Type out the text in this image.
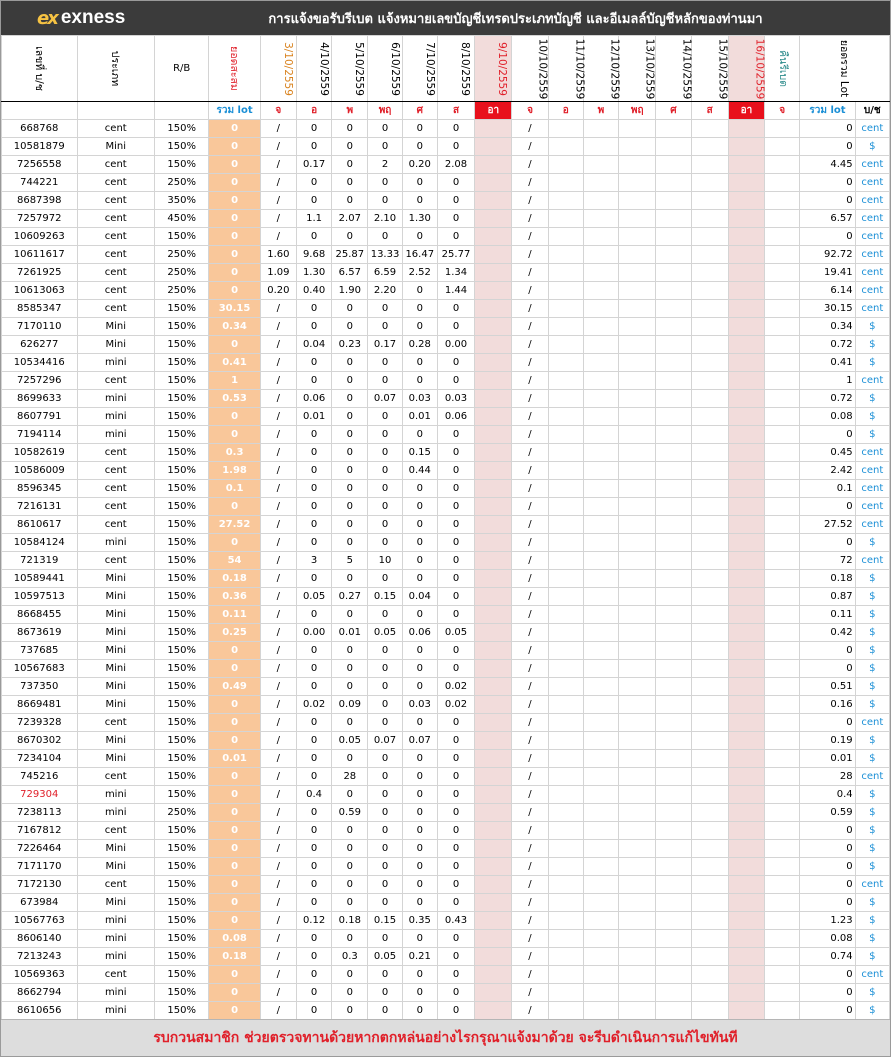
ex exness	การแจ้งขอรับรีเบต แจ้งหมายเลขบัญชีเทรดประเภทบัญชี และอีเมลล์บัญชีหลักของท่านมา
เลขที่ บ/ช	ประเภท	R/B	ยอดสะสม	3/10/2559	4/10/2559	5/10/2559	6/10/2559	7/10/2559	8/10/2559	9/10/2559	10/10/2559	11/10/2559	12/10/2559	13/10/2559	14/10/2559	15/10/2559	16/10/2559	คืนรีเบต	ยอดรวม Lot	
			รวม lot	จ	อ	พ	พฤ	ศ	ส	อา	จ	อ	พ	พฤ	ศ	ส	อา	จ	รวม lot	บ/ช
668768	cent	150%	0	/	0	0	0	0	0		/								0	cent
10581879	Mini	150%	0	/	0	0	0	0	0		/								0	$
7256558	cent	150%	0	/	0.17	0	2	0.20	2.08		/								4.45	cent
744221	cent	250%	0	/	0	0	0	0	0		/								0	cent
8687398	cent	350%	0	/	0	0	0	0	0		/								0	cent
7257972	cent	450%	0	/	1.1	2.07	2.10	1.30	0		/								6.57	cent
10609263	cent	150%	0	/	0	0	0	0	0		/								0	cent
10611617	cent	250%	0	1.60	9.68	25.87	13.33	16.47	25.77		/								92.72	cent
7261925	cent	250%	0	1.09	1.30	6.57	6.59	2.52	1.34		/								19.41	cent
10613063	cent	250%	0	0.20	0.40	1.90	2.20	0	1.44		/								6.14	cent
8585347	cent	150%	30.15	/	0	0	0	0	0		/								30.15	cent
7170110	Mini	150%	0.34	/	0	0	0	0	0		/								0.34	$
626277	Mini	150%	0	/	0.04	0.23	0.17	0.28	0.00		/								0.72	$
10534416	mini	150%	0.41	/	0	0	0	0	0		/								0.41	$
7257296	cent	150%	1	/	0	0	0	0	0		/								1	cent
8699633	mini	150%	0.53	/	0.06	0	0.07	0.03	0.03		/								0.72	$
8607791	mini	150%	0	/	0.01	0	0	0.01	0.06		/								0.08	$
7194114	mini	150%	0	/	0	0	0	0	0		/								0	$
10582619	cent	150%	0.3	/	0	0	0	0.15	0		/								0.45	cent
10586009	cent	150%	1.98	/	0	0	0	0.44	0		/								2.42	cent
8596345	cent	150%	0.1	/	0	0	0	0	0		/								0.1	cent
7216131	cent	150%	0	/	0	0	0	0	0		/								0	cent
8610617	cent	150%	27.52	/	0	0	0	0	0		/								27.52	cent
10584124	mini	150%	0	/	0	0	0	0	0		/								0	$
721319	cent	150%	54	/	3	5	10	0	0		/								72	cent
10589441	Mini	150%	0.18	/	0	0	0	0	0		/								0.18	$
10597513	Mini	150%	0.36	/	0.05	0.27	0.15	0.04	0		/								0.87	$
8668455	Mini	150%	0.11	/	0	0	0	0	0		/								0.11	$
8673619	Mini	150%	0.25	/	0.00	0.01	0.05	0.06	0.05		/								0.42	$
737685	Mini	150%	0	/	0	0	0	0	0		/								0	$
10567683	Mini	150%	0	/	0	0	0	0	0		/								0	$
737350	Mini	150%	0.49	/	0	0	0	0	0.02		/								0.51	$
8669481	Mini	150%	0	/	0.02	0.09	0	0.03	0.02		/								0.16	$
7239328	cent	150%	0	/	0	0	0	0	0		/								0	cent
8670302	Mini	150%	0	/	0	0.05	0.07	0.07	0		/								0.19	$
7234104	Mini	150%	0.01	/	0	0	0	0	0		/								0.01	$
745216	cent	150%	0	/	0	28	0	0	0		/								28	cent
729304	mini	150%	0	/	0.4	0	0	0	0		/								0.4	$
7238113	mini	250%	0	/	0	0.59	0	0	0		/								0.59	$
7167812	cent	150%	0	/	0	0	0	0	0		/								0	$
7226464	Mini	150%	0	/	0	0	0	0	0		/								0	$
7171170	Mini	150%	0	/	0	0	0	0	0		/								0	$
7172130	cent	150%	0	/	0	0	0	0	0		/								0	cent
673984	Mini	150%	0	/	0	0	0	0	0		/								0	$
10567763	mini	150%	0	/	0.12	0.18	0.15	0.35	0.43		/								1.23	$
8606140	mini	150%	0.08	/	0	0	0	0	0		/								0.08	$
7213243	mini	150%	0.18	/	0	0.3	0.05	0.21	0		/								0.74	$
10569363	cent	150%	0	/	0	0	0	0	0		/								0	cent
8662794	mini	150%	0	/	0	0	0	0	0		/								0	$
8610656	mini	150%	0	/	0	0	0	0	0		/								0	$
รบกวนสมาชิก ช่วยตรวจทานด้วยหากตกหล่นอย่างไรกรุณาแจ้งมาด้วย จะรีบดำเนินการแก้ไขทันที
